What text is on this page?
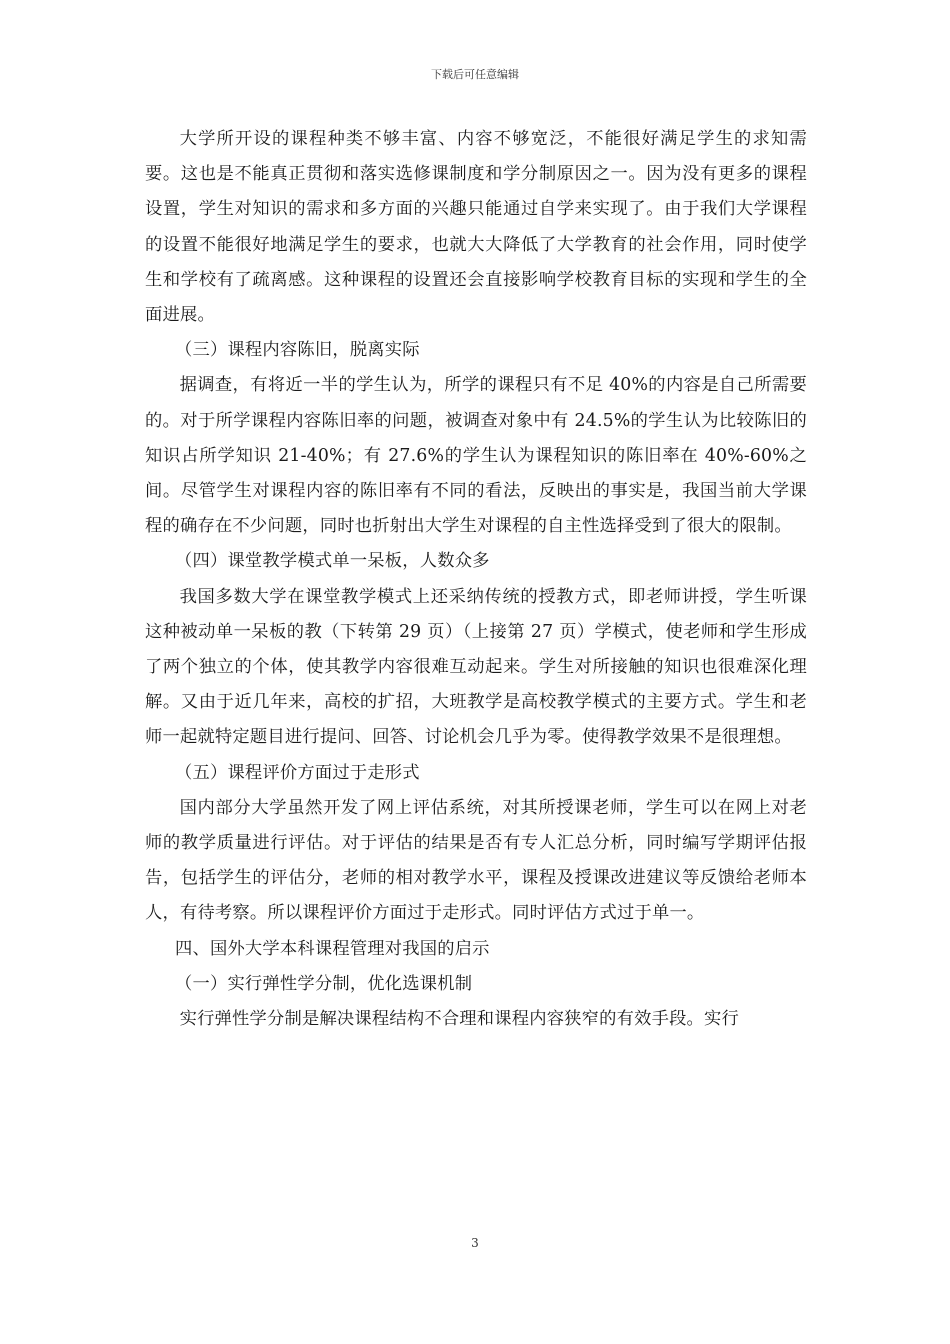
下载后可任意编辑

大学所开设的课程种类不够丰富、内容不够宽泛，不能很好满足学生的求知需要。这也是不能真正贯彻和落实选修课制度和学分制原因之一。因为没有更多的课程设置，学生对知识的需求和多方面的兴趣只能通过自学来实现了。由于我们大学课程的设置不能很好地满足学生的要求，也就大大降低了大学教育的社会作用，同时使学生和学校有了疏离感。这种课程的设置还会直接影响学校教育目标的实现和学生的全面进展。

（三）课程内容陈旧，脱离实际

据调查，有将近一半的学生认为，所学的课程只有不足 40%的内容是自己所需要的。对于所学课程内容陈旧率的问题，被调查对象中有 24.5%的学生认为比较陈旧的知识占所学知识 21-40%；有 27.6%的学生认为课程知识的陈旧率在 40%-60%之间。尽管学生对课程内容的陈旧率有不同的看法，反映出的事实是，我国当前大学课程的确存在不少问题，同时也折射出大学生对课程的自主性选择受到了很大的限制。

（四）课堂教学模式单一呆板，人数众多

我国多数大学在课堂教学模式上还采纳传统的授教方式，即老师讲授，学生听课这种被动单一呆板的教（下转第 29 页）（上接第 27 页）学模式，使老师和学生形成了两个独立的个体，使其教学内容很难互动起来。学生对所接触的知识也很难深化理解。又由于近几年来，高校的扩招，大班教学是高校教学模式的主要方式。学生和老师一起就特定题目进行提问、回答、讨论机会几乎为零。使得教学效果不是很理想。

（五）课程评价方面过于走形式

国内部分大学虽然开发了网上评估系统，对其所授课老师，学生可以在网上对老师的教学质量进行评估。对于评估的结果是否有专人汇总分析，同时编写学期评估报告，包括学生的评估分，老师的相对教学水平，课程及授课改进建议等反馈给老师本人，有待考察。所以课程评价方面过于走形式。同时评估方式过于单一。

四、国外大学本科课程管理对我国的启示

（一）实行弹性学分制，优化选课机制

实行弹性学分制是解决课程结构不合理和课程内容狭窄的有效手段。实行

3
